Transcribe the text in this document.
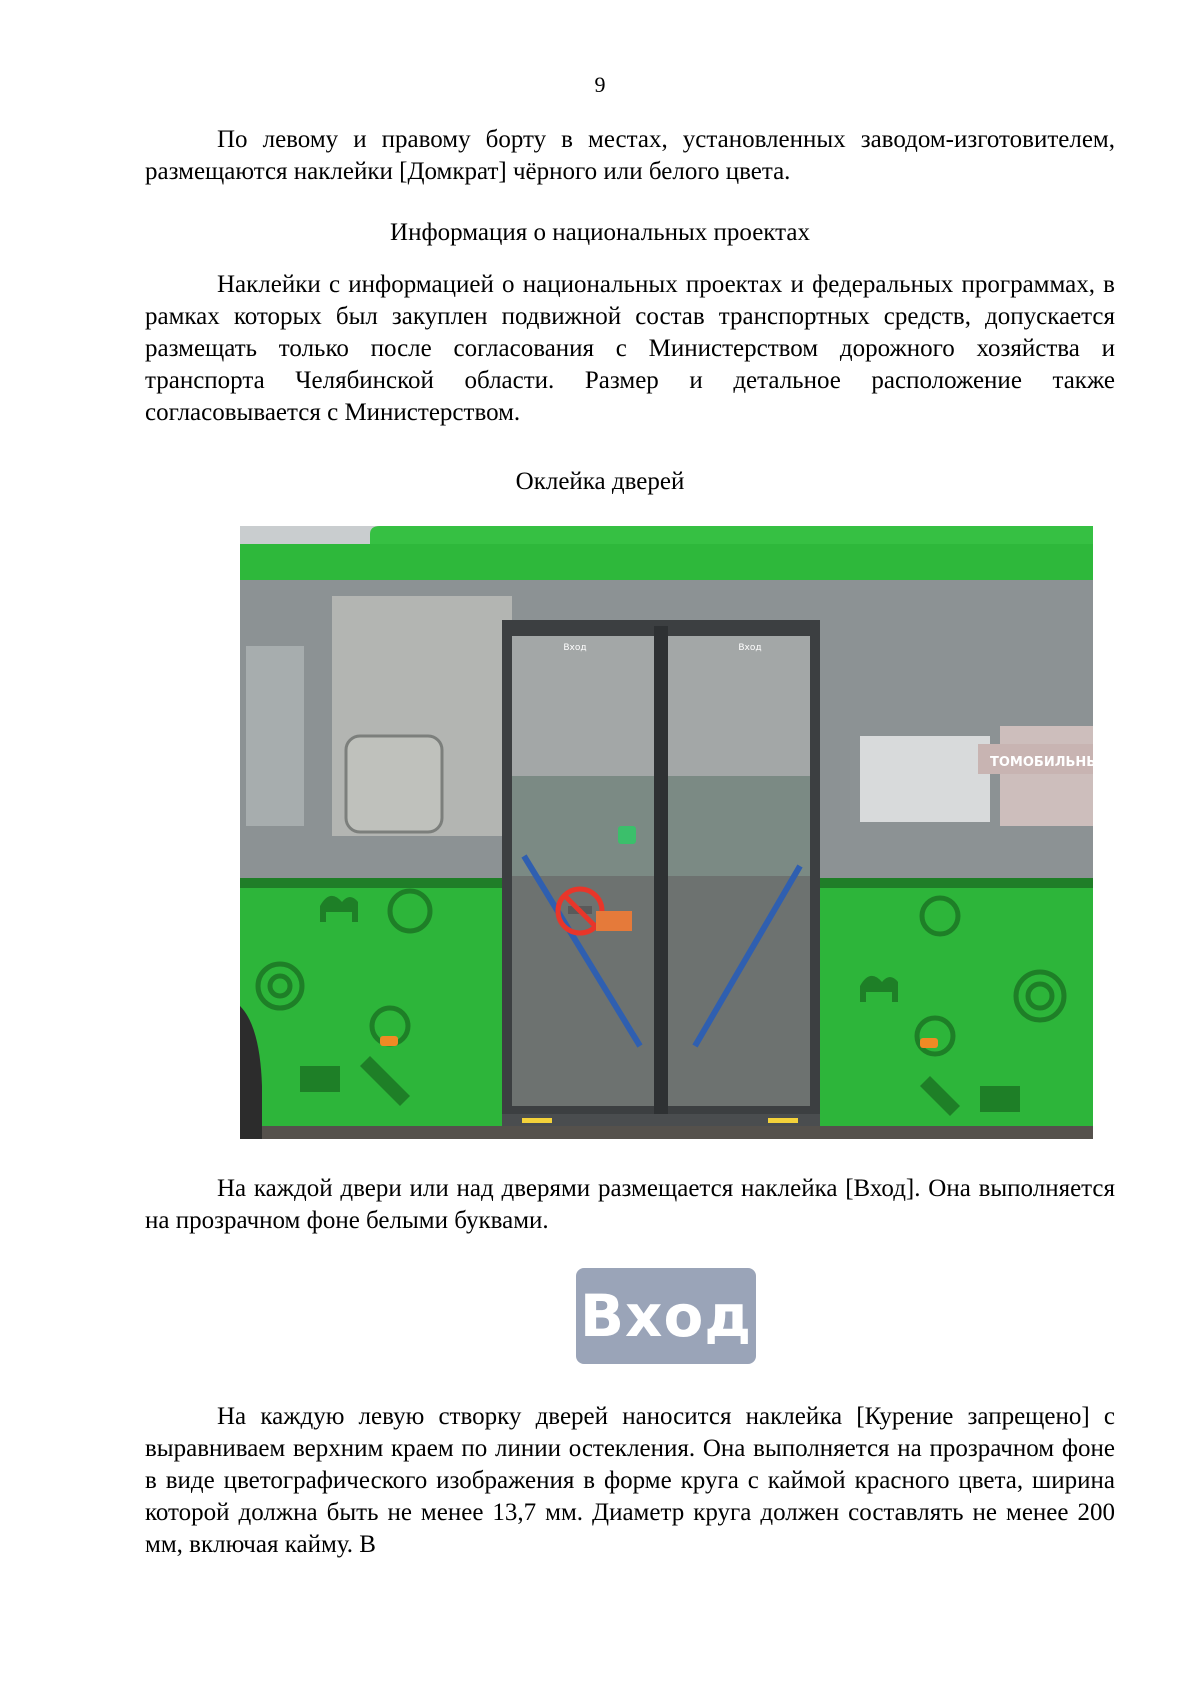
9

По левому и правому борту в местах, установленных заводом-изготовителем, размещаются наклейки [Домкрат] чёрного или белого цвета.

Информация о национальных проектах

Наклейки с информацией о национальных проектах и федеральных программах, в рамках которых был закуплен подвижной состав транспортных средств, допускается размещать только после согласования с Министерством дорожного хозяйства и транспорта Челябинской области. Размер и детальное расположение также согласовывается с Министерством.

Оклейка дверей

ТОМОБИЛЬНЫЙ КОМПЛЕКС
Вход	Вход

На каждой двери или над дверями размещается наклейка [Вход]. Она выполняется на прозрачном фоне белыми буквами.

Вход

На каждую левую створку дверей наносится наклейка [Курение запрещено] с выравниваем верхним краем по линии остекления. Она выполняется на прозрачном фоне в виде цветографического изображения в форме круга с каймой красного цвета, ширина которой должна быть не менее 13,7 мм. Диаметр круга должен составлять не менее 200 мм, включая кайму. В
